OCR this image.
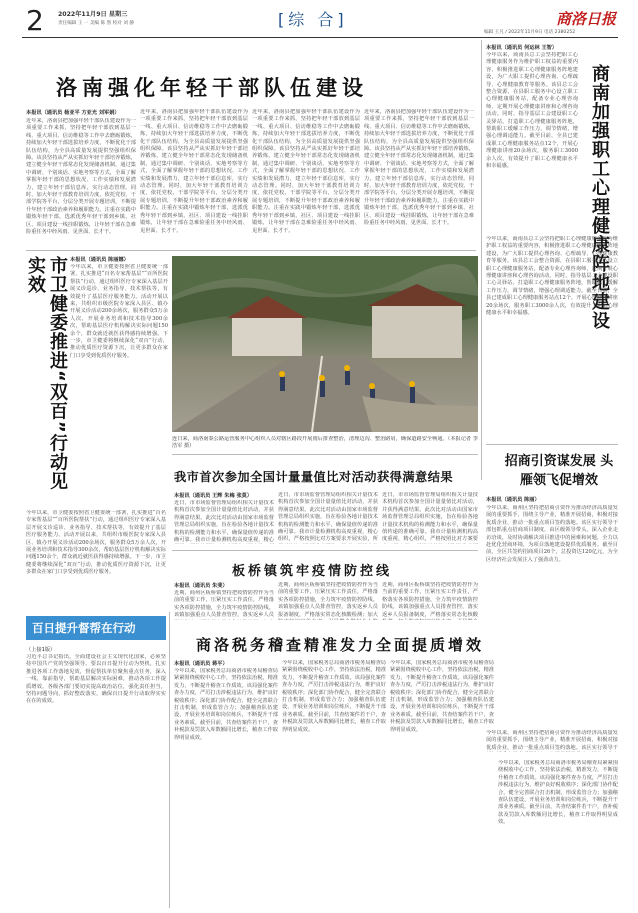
2 2022年11月9日 星期三
责任编辑 王 一 美编 陈 然 校对 刘 静	[综 合]	商洛日报
编辑 王凡 / 2022年11月9日 电话 2380252
洛南强化年轻干部队伍建设
本报讯（通讯员 杨亚平 方亚光 刘军娟）
近年来，洛南县把加强年轻干部队伍建设作为一项重要工作来抓，坚持把年轻干部放到基层一线、重大项目、信访维稳等工作中去磨砺锻炼，持续加大年轻干部选拔培养力度，不断优化干部队伍结构，为全县高质量发展提供坚强组织保障。该县坚持从严从实抓好年轻干部培养锻炼，建立健全年轻干部常态化发现储备机制，通过集中调研、个别谈话、实地考察等方式，全面了解掌握年轻干部的思想状况、工作实绩和发展潜力，建立年轻干部信息库，实行动态管理。同时，加大年轻干部教育培训力度，依托党校、干部学院等平台，分层分类开展专题培训，不断提升年轻干部政治素养和履职能力。注重在实践中锻炼年轻干部，选派优秀年轻干部到乡镇、社区、项目建设一线挂职锻炼，让年轻干部在急难险重任务中经风雨、见世面、长才干。
近年来，洛南县把加强年轻干部队伍建设作为一项重要工作来抓，坚持把年轻干部放到基层一线、重大项目、信访维稳等工作中去磨砺锻炼，持续加大年轻干部选拔培养力度，不断优化干部队伍结构，为全县高质量发展提供坚强组织保障。该县坚持从严从实抓好年轻干部培养锻炼，建立健全年轻干部常态化发现储备机制，通过集中调研、个别谈话、实地考察等方式，全面了解掌握年轻干部的思想状况、工作实绩和发展潜力，建立年轻干部信息库，实行动态管理。同时，加大年轻干部教育培训力度，依托党校、干部学院等平台，分层分类开展专题培训，不断提升年轻干部政治素养和履职能力。注重在实践中锻炼年轻干部，选派优秀年轻干部到乡镇、社区、项目建设一线挂职锻炼，让年轻干部在急难险重任务中经风雨、见世面、长才干。
近年来，洛南县把加强年轻干部队伍建设作为一项重要工作来抓，坚持把年轻干部放到基层一线、重大项目、信访维稳等工作中去磨砺锻炼，持续加大年轻干部选拔培养力度，不断优化干部队伍结构，为全县高质量发展提供坚强组织保障。该县坚持从严从实抓好年轻干部培养锻炼，建立健全年轻干部常态化发现储备机制，通过集中调研、个别谈话、实地考察等方式，全面了解掌握年轻干部的思想状况、工作实绩和发展潜力，建立年轻干部信息库，实行动态管理。同时，加大年轻干部教育培训力度，依托党校、干部学院等平台，分层分类开展专题培训，不断提升年轻干部政治素养和履职能力。注重在实践中锻炼年轻干部，选派优秀年轻干部到乡镇、社区、项目建设一线挂职锻炼，让年轻干部在急难险重任务中经风雨、见世面、长才干。
近年来，洛南县把加强年轻干部队伍建设作为一项重要工作来抓，坚持把年轻干部放到基层一线、重大项目、信访维稳等工作中去磨砺锻炼，持续加大年轻干部选拔培养力度，不断优化干部队伍结构，为全县高质量发展提供坚强组织保障。该县坚持从严从实抓好年轻干部培养锻炼，建立健全年轻干部常态化发现储备机制，通过集中调研、个别谈话、实地考察等方式，全面了解掌握年轻干部的思想状况、工作实绩和发展潜力，建立年轻干部信息库，实行动态管理。同时，加大年轻干部教育培训力度，依托党校、干部学院等平台，分层分类开展专题培训，不断提升年轻干部政治素养和履职能力。注重在实践中锻炼年轻干部，选派优秀年轻干部到乡镇、社区、项目建设一线挂职锻炼，让年轻干部在急难险重任务中经风雨、见世面、长才干。
本报讯（通讯员 何运林 王智）
今年以来，商南县总工会坚持把职工心理健康服务作为维护职工权益的重要内容，积极推进职工心理健康服务阵地建设，为广大职工提供心理咨询、心理疏导、心理健康教育等服务。该县总工会整合资源，在县职工服务中心设立职工心理健康服务站，配备专业心理咨询师，定期开展心理健康讲座和心理咨询活动。同时，指导基层工会建设职工心灵驿站，打造职工心理健康服务阵地，帮助职工缓解工作压力，调节情绪，增强心理调适能力。截至目前，全县已建成职工心理健康服务站点12个，开展心理健康讲座20余场次，服务职工3000余人次，有效提升了职工心理健康水平和幸福感。	商南加强职工心理健康阵地建设
今年以来，商南县总工会坚持把职工心理健康服务作为维护职工权益的重要内容，积极推进职工心理健康服务阵地建设，为广大职工提供心理咨询、心理疏导、心理健康教育等服务。该县总工会整合资源，在县职工服务中心设立职工心理健康服务站，配备专业心理咨询师，定期开展心理健康讲座和心理咨询活动。同时，指导基层工会建设职工心灵驿站，打造职工心理健康服务阵地，帮助职工缓解工作压力，调节情绪，增强心理调适能力。截至目前，全县已建成职工心理健康服务站点12个，开展心理健康讲座20余场次，服务职工3000余人次，有效提升了职工心理健康水平和幸福感。
招商引资谋发展 头雁领飞促增效
本报讯（通讯员 陈丽）
今年以来，商州区坚持把招商引资作为推动经济高质量发展的重要抓手，围绕主导产业，精准开展招商，积极对接优质企业，推动一批重点项目签约落地。该区实行领导干部包抓重点招商项目制度，由区级领导带头，深入企业走访洽谈，及时协调解决项目推进中的困难和问题，全力以赴优化营商环境，为项目落地建设提供优质服务。截至目前，全区共签约招商项目26个，总投资达120亿元，为全区经济社会发展注入了强劲动力。
今年以来，商州区坚持把招商引资作为推动经济高质量发展的重要抓手，围绕主导产业，精准开展招商，积极对接优质企业，推动一批重点项目签约落地。该区实行领导干
市卫健委推进“双百”行动见实效	本报讯（通讯员 陈丽娜）
今年以来，市卫健委按照省卫健委统一部署，扎实推进“百名专家帮基层”“百所医院帮扶”行动，通过组织医疗专家深入基层开展义诊巡诊、业务指导、技术帮扶等，有效提升了基层医疗服务能力。活动开展以来，共组织市级医院专家深入县区、镇办开展义诊活动200余场次，服务群众5万余人次，开展业务培训和技术指导300余次，帮助基层医疗机构解决实际问题150余个，群众就近就医获得感持续增强。下一步，市卫健委将继续深化“双百”行动，推动优质医疗资源下沉，让更多群众在家门口享受到优质医疗服务。
连日来，商洛南秦公路运营服务中心组织人员对辖区路段开展雨后排查整治，清理边沟、整治路肩，确保道路安全畅通。（本报记者 李浩军 摄）
今年以来，市卫健委按照省卫健委统一部署，扎实推进“百名专家帮基层”“百所医院帮扶”行动，通过组织医疗专家深入基层开展义诊巡诊、业务指导、技术帮扶等，有效提升了基层医疗服务能力。活动开展以来，共组织市级医院专家深入县区、镇办开展义诊活动200余场次，服务群众5万余人次，开展业务培训和技术指导300余次，帮助基层医疗机构解决实际问题150余个，群众就近就医获得感持续增强。下一步，市卫健委将继续深化“双百”行动，推动优质医疗资源下沉，让更多群众在家门口享受到优质医疗服务。
我市首次参加全国计量量值比对活动获得满意结果
本报讯（通讯员 王辉 朱梅 张莫）
近日，市市场监督管理局组织相关计量技术机构首次参加全国计量量值比对活动，并获得满意结果。此次比对活动由国家市场监督管理总局组织实施，旨在检验各地计量技术机构的检测能力和水平，确保量值传递的准确可靠。我市计量检测机构高度重视，精心
近日，市市场监督管理局组织相关计量技术机构首次参加全国计量量值比对活动，并获得满意结果。此次比对活动由国家市场监督管理总局组织实施，旨在检验各地计量技术机构的检测能力和水平，确保量值传递的准确可靠。我市计量检测机构高度重视，精心组织，严格按照比对方案要求开展实验，所
近日，市市场监督管理局组织相关计量技术机构首次参加全国计量量值比对活动，并获得满意结果。此次比对活动由国家市场监督管理总局组织实施，旨在检验各地计量技术机构的检测能力和水平，确保量值传递的准确可靠。我市计量检测机构高度重视，精心组织，严格按照比对方案要
板桥镇筑牢疫情防控线
本报讯（通讯员 朱斐）
近期，商州区板桥镇坚持把疫情防控作为当前的重要工作，压紧压实工作责任，严格落实各项防控措施，全力筑牢疫情防控防线。该镇加强重点人员排查管控，落实返乡人员
近期，商州区板桥镇坚持把疫情防控作为当前的重要工作，压紧压实工作责任，严格落实各项防控措施，全力筑牢疫情防控防线。该镇加强重点人员排查管控，落实返乡人员报备制度，严格落实常态化核酸检测；加大
近期，商州区板桥镇坚持把疫情防控作为当前的重要工作，压紧压实工作责任，严格落实各项防控措施，全力筑牢疫情防控防线。该镇加强重点人员排查管控，落实返乡人员报备制度，严格落实常态化核酸
百日提升督帮在行动
（上接1版）
习近平总书记指出，全面建设社会主义现代化国家，必须坚持中国共产党的坚强领导。要以百日提升行动为契机，扎实推进各项工作落地见效，督促帮扶单位聚焦重点任务，深入一线、靠前指导，帮助基层解决实际困难，推动各项工作提质增效。各级各部门要切实提高政治站位，强化责任担当，坚持问题导向，抓好整改落实，确保百日提升行动取得实实在在的成效。
商洛税务稽查精准发力全面提质增效
本报讯（通讯员 蒋平）
今年以来，国家税务总局商洛市税务局稽查局紧紧围绕税收中心工作，坚持依法治税，精准发力，不断提升稽查工作质效。该局强化案件查办力度，严厉打击涉税违法行为，维护良好税收秩序；深化部门协作配合，健全完善联合打击机制，形成监管合力；加强稽查队伍建设，开展业务培训和岗位练兵，不断提升干部业务素质。截至目前，共查结案件若干户，查补税款及罚款入库数额同比增长，稽查工作取得明显成效。
今年以来，国家税务总局商洛市税务局稽查局紧紧围绕税收中心工作，坚持依法治税，精准发力，不断提升稽查工作质效。该局强化案件查办力度，严厉打击涉税违法行为，维护良好税收秩序；深化部门协作配合，健全完善联合打击机制，形成监管合力；加强稽查队伍建设，开展业务培训和岗位练兵，不断提升干部业务素质。截至目前，共查结案件若干户，查补税款及罚款入库数额同比增长，稽查工作取得明显成效。
今年以来，国家税务总局商洛市税务局稽查局紧紧围绕税收中心工作，坚持依法治税，精准发力，不断提升稽查工作质效。该局强化案件查办力度，严厉打击涉税违法行为，维护良好税收秩序；深化部门协作配合，健全完善联合打击机制，形成监管合力；加强稽查队伍建设，开展业务培训和岗位练兵，不断提升干部业务素质。截至目前，共查结案件若干户，查补税款及罚款入库数额同比增长，稽查工作取得明显成效。
今年以来，国家税务总局商洛市税务局稽查局紧紧围绕税收中心工作，坚持依法治税，精准发力，不断提升稽查工作质效。该局强化案件查办力度，严厉打击涉税违法行为，维护良好税收秩序；深化部门协作配合，健全完善联合打击机制，形成监管合力；加强稽查队伍建设，开展业务培训和岗位练兵，不断提升干部业务素质。截至目前，共查结案件若干户，查补税款及罚款入库数额同比增长，稽查工作取得明显成效。
